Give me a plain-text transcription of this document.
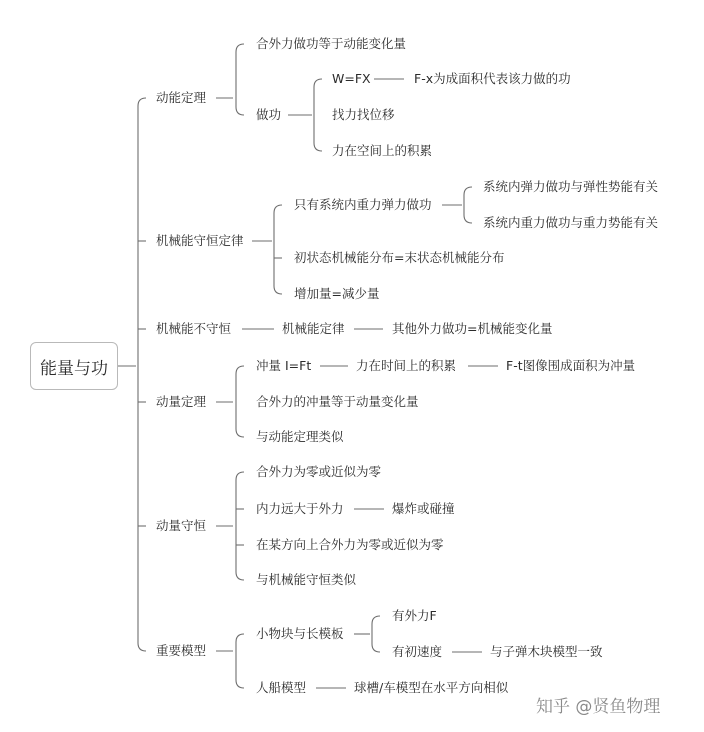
能量与功
动能定理
机械能守恒定律
机械能不守恒
动量定理
动量守恒
重要模型
合外力做功等于动能变化量
做功
W=FX	F-x为成面积代表该力做的功
找力找位移
力在空间上的积累
只有系统内重力弹力做功
系统内弹力做功与弹性势能有关
系统内重力做功与重力势能有关
初状态机械能分布=末状态机械能分布
增加量=减少量
机械能定律	其他外力做功=机械能变化量
冲量 I=Ft	力在时间上的积累	F-t图像围成面积为冲量
合外力的冲量等于动量变化量
与动能定理类似
合外力为零或近似为零
内力远大于外力	爆炸或碰撞
在某方向上合外力为零或近似为零
与机械能守恒类似
小物块与长模板
有外力F
有初速度	与子弹木块模型一致
人船模型	球槽/车模型在水平方向相似
知乎 @贤鱼物理
